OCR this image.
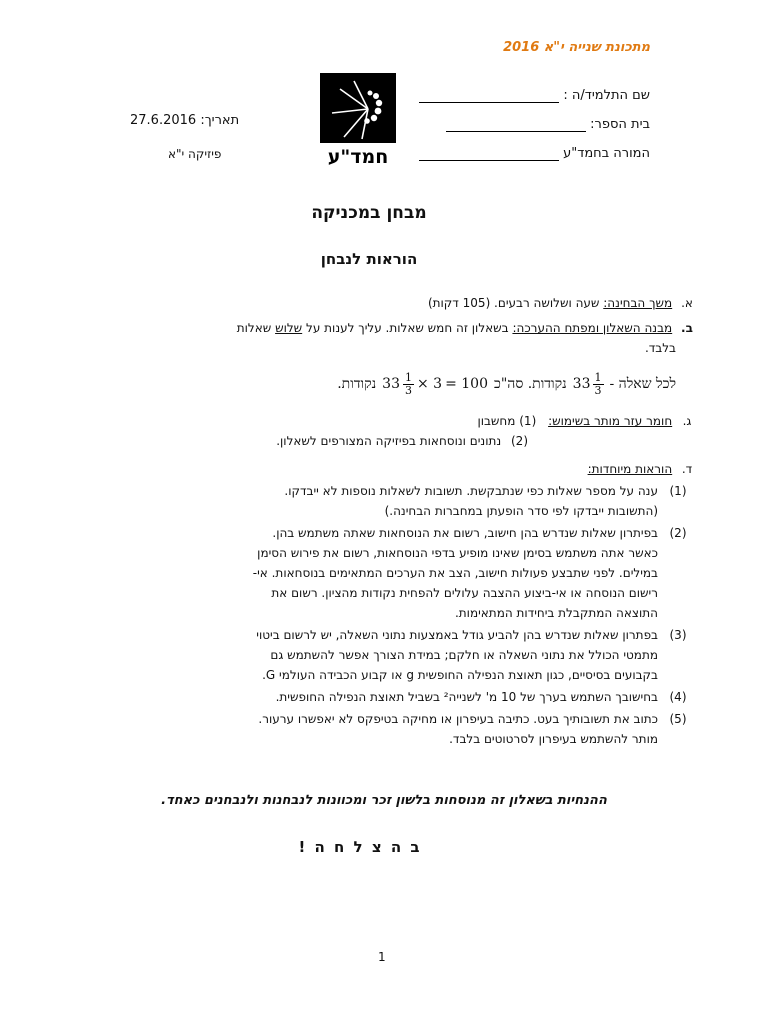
מתכונת שנייה י"א 2016
שם התלמיד/ה :
בית הספר:
המורה בחמד"ע
חמד"ע
תאריך: 27.6.2016
פיזיקה י"א
מבחן במכניקה
הוראות לנבחן
א. משך הבחינה: שעה ושלושה רבעים. (105 דקות)
ב. מבנה השאלון ומפתח ההערכה: בשאלון זה חמש שאלות. עליך לענות על שלוש שאלות
בלבד.
לכל שאלה -
$33 \frac{1}{3}$
נקודות. סה"כ
$33 \frac{1}{3} \times 3 = 100$
נקודות.
ג. חומר עזר מותר בשימוש: (1) מחשבון
(2) נתונים ונוסחאות בפיזיקה המצורפים לשאלון.
ד. הוראות מיוחדות:
(1)
ענה על מספר שאלות כפי שנתבקשת. תשובות לשאלות נוספות לא ייבדקו.
(התשובות ייבדקו לפי סדר הופעתן במחברות הבחינה.)
(2)
בפיתרון שאלות שנדרש בהן חישוב, רשום את הנוסחאות שאתה משתמש בהן.
כאשר אתה משתמש בסימן שאינו מופיע בדפי הנוסחאות, רשום את פירוש הסימן
במילים. לפני שתבצע פעולות חישוב, הצב את הערכים המתאימים בנוסחאות. אי-
רישום הנוסחה או אי-ביצוע ההצבה עלולים להפחית נקודות מהציון. רשום את
התוצאה המתקבלת ביחידות המתאימות.
(3)
בפתרון שאלות שנדרש בהן להביע גודל באמצעות נתוני השאלה, יש לרשום ביטוי
מתמטי הכולל את נתוני השאלה או חלקם; במידת הצורך אפשר להשתמש גם
בקבועים בסיסיים, כגון תאוצת הנפילה החופשית g או קבוע הכבידה העולמי G.
(4)
בחישובך השתמש בערך של 10 מ' לשנייה² בשביל תאוצת הנפילה החופשית.
(5)
כתוב את תשובותיך בעט. כתיבה בעיפרון או מחיקה בטיפקס לא יאפשרו ערעור.
מותר להשתמש בעיפרון לסרטוטים בלבד.
ההנחיות בשאלון זה מנוסחות בלשון זכר ומכוונות לנבחנות ולנבחנים כאחד.
ב ה צ ל ח ה !
1
